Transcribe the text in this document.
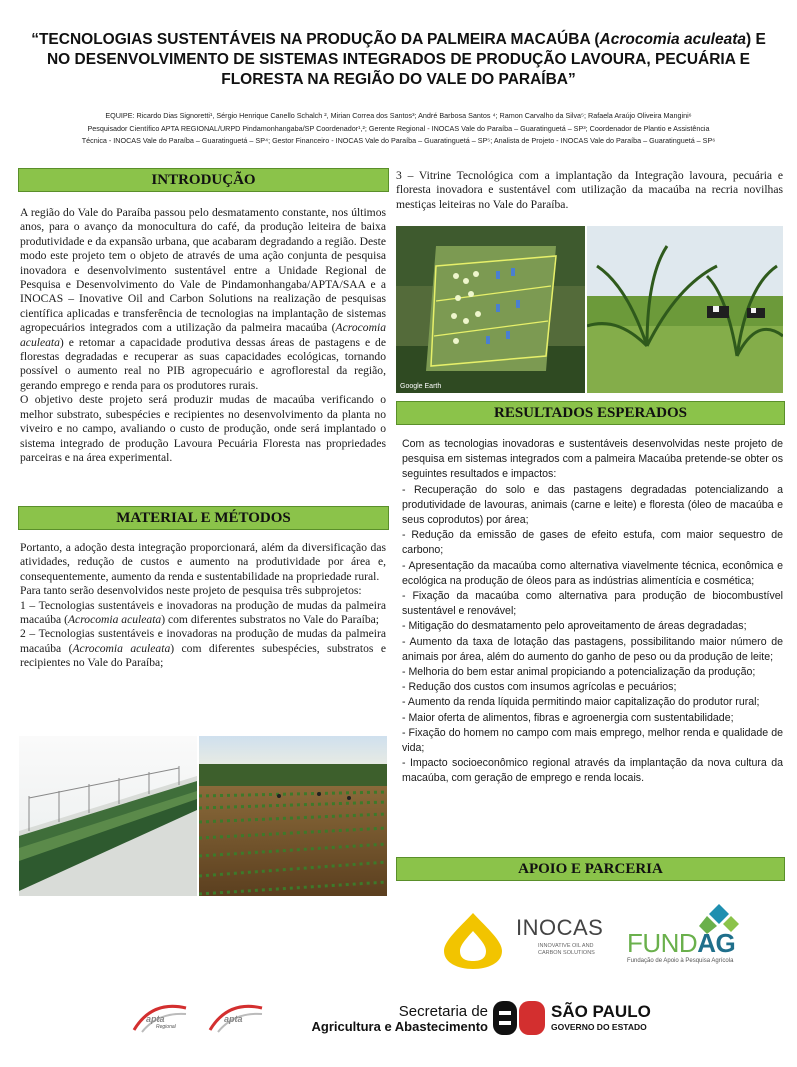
“TECNOLOGIAS SUSTENTÁVEIS NA PRODUÇÃO DA PALMEIRA MACAÚBA (Acrocomia aculeata) E NO DESENVOLVIMENTO DE SISTEMAS INTEGRADOS DE PRODUÇÃO LAVOURA, PECUÁRIA E FLORESTA NA REGIÃO DO VALE DO PARAÍBA”
EQUIPE: Ricardo Dias Signoretti¹, Sérgio Henrique Canello Schalch ², Mirian Correa dos Santos³; André Barbosa Santos ⁴; Ramon Carvalho da Silva⁵; Rafaela Araújo Oliveira Mangini⁶
Pesquisador Científico APTA REGIONAL/URPD Pindamonhangaba/SP Coordenador¹,²; Gerente Regional - INOCAS Vale do Paraíba – Guaratinguetá – SP³; Coordenador de Plantio e Assistência
Técnica - INOCAS Vale do Paraíba – Guaratinguetá – SP⁴; Gestor Financeiro - INOCAS Vale do Paraíba – Guaratinguetá – SP⁵; Analista de Projeto - INOCAS Vale do Paraíba – Guaratinguetá – SP⁶
INTRODUÇÃO

A região do Vale do Paraíba passou pelo desmatamento constante, nos últimos anos, para o avanço da monocultura do café, da produção leiteira de baixa produtividade e da expansão urbana, que acabaram degradando a região. Deste modo este projeto tem o objeto de através de uma ação conjunta de pesquisa inovadora e desenvolvimento sustentável entre a Unidade Regional de Pesquisa e Desenvolvimento do Vale de Pindamonhangaba/APTA/SAA e a INOCAS – Inovative Oil and Carbon Solutions na realização de pesquisas científica aplicadas e transferência de tecnologias na implantação de sistemas agropecuários integrados com a utilização da palmeira macaúba (Acrocomia aculeata) e retomar a capacidade produtiva dessas áreas de pastagens e de florestas degradadas e recuperar as suas capacidades ecológicas, tornando possível o aumento real no PIB agropecuário e agroflorestal da região, gerando emprego e renda para os produtores rurais.

O objetivo deste projeto será produzir mudas de macaúba verificando o melhor substrato, subespécies e recipientes no desenvolvimento da planta no viveiro e no campo, avaliando o custo de produção, onde será implantado o sistema integrado de produção Lavoura Pecuária Floresta nas propriedades parceiras e na área experimental.

MATERIAL E MÉTODOS

Portanto, a adoção desta integração proporcionará, além da diversificação das atividades, redução de custos e aumento na produtividade por área e, consequentemente, aumento da renda e sustentabilidade na propriedade rural.

Para tanto serão desenvolvidos neste projeto de pesquisa três subprojetos:

1 – Tecnologias sustentáveis e inovadoras na produção de mudas da palmeira macaúba (Acrocomia aculeata) com diferentes substratos no Vale do Paraíba;

2 – Tecnologias sustentáveis e inovadoras na produção de mudas da palmeira macaúba (Acrocomia aculeata) com diferentes subespécies, substratos e recipientes no Vale do Paraíba;

3 – Vitrine Tecnológica com a implantação da Integração lavoura, pecuária e floresta inovadora e sustentável com utilização da macaúba na recria novilhas mestiças leiteiras no Vale do Paraíba.
Google Earth
RESULTADOS ESPERADOS

Com as tecnologias inovadoras e sustentáveis desenvolvidas neste projeto de pesquisa em sistemas integrados com a palmeira Macaúba pretende-se obter os seguintes resultados e impactos:

- Recuperação do solo e das pastagens degradadas potencializando a produtividade de lavouras, animais (carne e leite) e floresta (óleo de macaúba e seus coprodutos) por área;

- Redução da emissão de gases de efeito estufa, com maior sequestro de carbono;

- Apresentação da macaúba como alternativa viavelmente técnica, econômica e ecológica na produção de óleos para as indústrias alimentícia e cosmética;

- Fixação da macaúba como alternativa para produção de biocombustível sustentável e renovável;

- Mitigação do desmatamento pelo aproveitamento de áreas degradadas;

- Aumento da taxa de lotação das pastagens, possibilitando maior número de animais por área, além do aumento do ganho de peso ou da produção de leite;

- Melhoria do bem estar animal propiciando a potencialização da produção;

- Redução dos custos com insumos agrícolas e pecuários;

- Aumento da renda líquida permitindo maior capitalização do produtor rural;

- Maior oferta de alimentos, fibras e agroenergia com sustentabilidade;

- Fixação do homem no campo com mais emprego, melhor renda e qualidade de vida;

- Impacto socioeconômico regional através da implantação da nova cultura da macaúba, com geração de emprego e renda locais.

APOIO E PARCERIA
INOCAS
INNOVATIVE OIL AND
CARBON SOLUTIONS FUNDAG
Fundação de Apoio à Pesquisa Agrícola
apta
Regional
apta	Secretaria de
Agricultura e Abastecimento
SÃO PAULO
GOVERNO DO ESTADO
